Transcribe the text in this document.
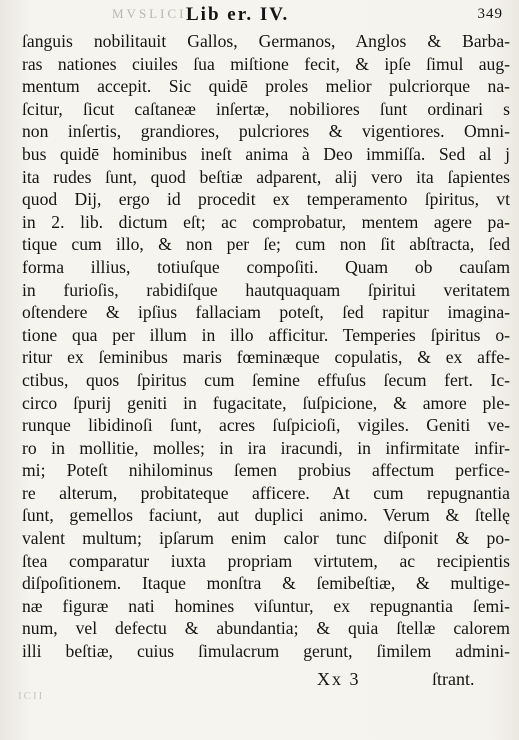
MVSLICI Lib er. IV.	349
ſanguis nobilitauit Gallos, Germanos, Anglos & Barba-
ras nationes ciuiles ſua miſtione fecit, & ipſe ſimul aug-
mentum accepit. Sic quidē proles melior pulcriorque na-
ſcitur, ſicut caſtaneæ inſertæ, nobiliores ſunt ordinari s
non inſertis, grandiores, pulcriores & vigentiores. Omni-
bus quidē hominibus ineſt anima à Deo immiſſa. Sed al j
ita rudes ſunt, quod beſtiæ adparent, alij vero ita ſapientes
quod Dij, ergo id procedit ex temperamento ſpiritus, vt
in 2. lib. dictum eſt; ac comprobatur, mentem agere pa-
tique cum illo, & non per ſe; cum non ſit abſtracta, ſed
forma illius, totiuſque compoſiti. Quam ob cauſam
in furioſis, rabidiſque hautquaquam ſpiritui veritatem
oſtendere & ipſius fallaciam poteſt, ſed rapitur imagina-
tione qua per illum in illo afficitur. Temperies ſpiritus o-
ritur ex ſeminibus maris fœminæque copulatis, & ex affe-
ctibus, quos ſpiritus cum ſemine effuſus ſecum fert. Ic-
circo ſpurij geniti in fugacitate, ſuſpicione, & amore ple-
runque libidinoſi ſunt, acres ſuſpicioſi, vigiles. Geniti ve-
ro in mollitie, molles; in ira iracundi, in infirmitate infir-
mi; Poteſt nihilominus ſemen probius affectum perfice-
re alterum, probitateque afficere. At cum repugnantia
ſunt, gemellos faciunt, aut duplici animo. Verum & ſtellę
valent multum; ipſarum enim calor tunc diſponit & po-
ſtea comparatur iuxta propriam virtutem, ac recipientis
diſpoſitionem. Itaque monſtra & ſemibeſtiæ, & multige-
næ figuræ nati homines viſuntur, ex repugnantia ſemi-
num, vel defectu & abundantia; & quia ſtellæ calorem
illi beſtiæ, cuius ſimulacrum gerunt, ſimilem admini-
ICII
Xx 3	ſtrant.
